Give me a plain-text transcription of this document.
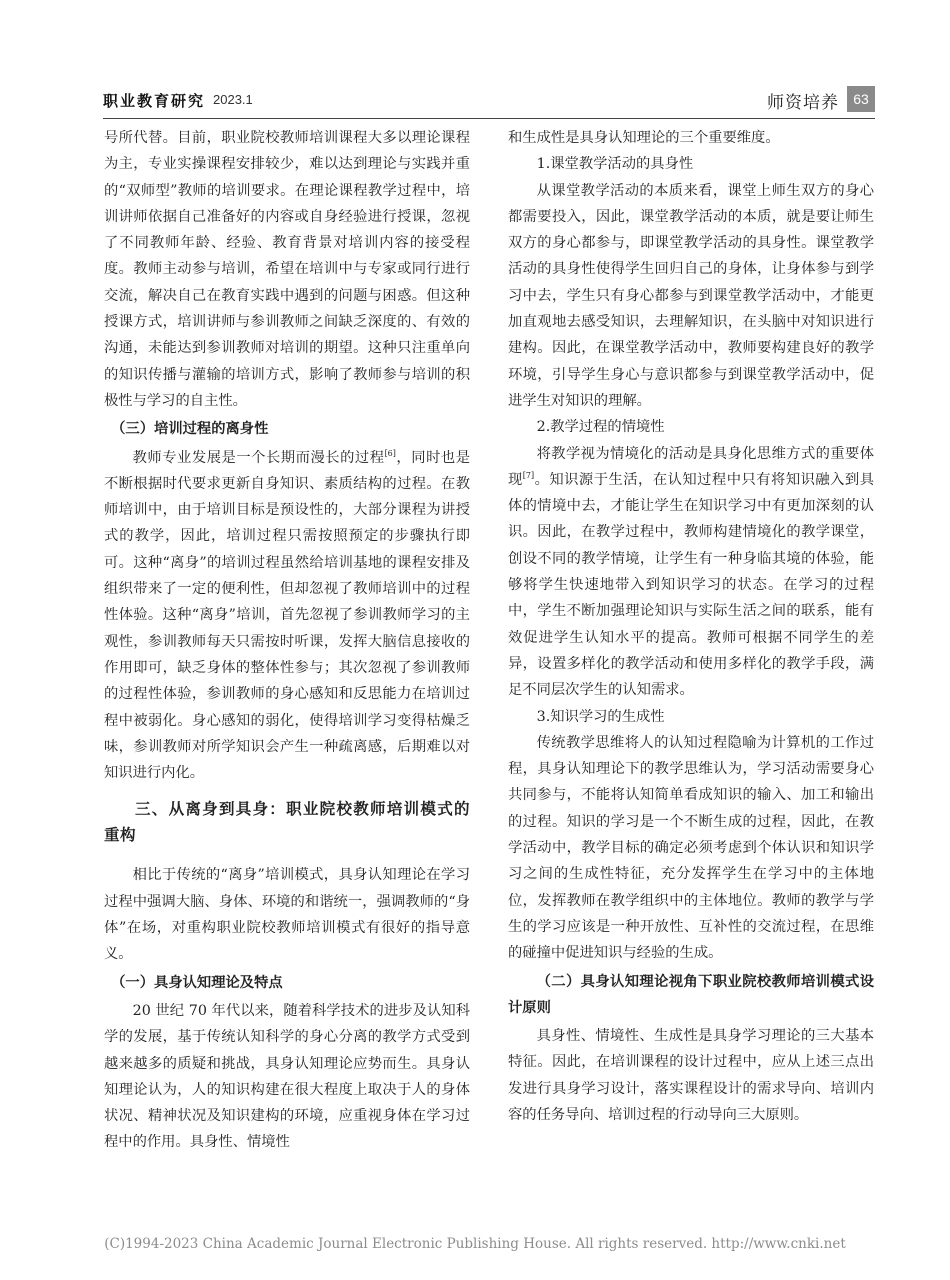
职业教育研究 2023.1	师资培养	63

号所代替。目前，职业院校教师培训课程大多以理论课程为主，专业实操课程安排较少，难以达到理论与实践并重的“双师型”教师的培训要求。在理论课程教学过程中，培训讲师依据自己准备好的内容或自身经验进行授课，忽视了不同教师年龄、经验、教育背景对培训内容的接受程度。教师主动参与培训，希望在培训中与专家或同行进行交流，解决自己在教育实践中遇到的问题与困惑。但这种授课方式，培训讲师与参训教师之间缺乏深度的、有效的沟通，未能达到参训教师对培训的期望。这种只注重单向的知识传播与灌输的培训方式，影响了教师参与培训的积极性与学习的自主性。

（三）培训过程的离身性

教师专业发展是一个长期而漫长的过程[6]，同时也是不断根据时代要求更新自身知识、素质结构的过程。在教师培训中，由于培训目标是预设性的，大部分课程为讲授式的教学，因此，培训过程只需按照预定的步骤执行即可。这种“离身”的培训过程虽然给培训基地的课程安排及组织带来了一定的便利性，但却忽视了教师培训中的过程性体验。这种“离身”培训，首先忽视了参训教师学习的主观性，参训教师每天只需按时听课，发挥大脑信息接收的作用即可，缺乏身体的整体性参与；其次忽视了参训教师的过程性体验，参训教师的身心感知和反思能力在培训过程中被弱化。身心感知的弱化，使得培训学习变得枯燥乏味，参训教师对所学知识会产生一种疏离感，后期难以对知识进行内化。

三、从离身到具身：职业院校教师培训模式的重构

相比于传统的“离身”培训模式，具身认知理论在学习过程中强调大脑、身体、环境的和谐统一，强调教师的“身体”在场，对重构职业院校教师培训模式有很好的指导意义。

（一）具身认知理论及特点

20 世纪 70 年代以来，随着科学技术的进步及认知科学的发展，基于传统认知科学的身心分离的教学方式受到越来越多的质疑和挑战，具身认知理论应势而生。具身认知理论认为，人的知识构建在很大程度上取决于人的身体状况、精神状况及知识建构的环境，应重视身体在学习过程中的作用。具身性、情境性

和生成性是具身认知理论的三个重要维度。

1.课堂教学活动的具身性

从课堂教学活动的本质来看，课堂上师生双方的身心都需要投入，因此，课堂教学活动的本质，就是要让师生双方的身心都参与，即课堂教学活动的具身性。课堂教学活动的具身性使得学生回归自己的身体，让身体参与到学习中去，学生只有身心都参与到课堂教学活动中，才能更加直观地去感受知识，去理解知识，在头脑中对知识进行建构。因此，在课堂教学活动中，教师要构建良好的教学环境，引导学生身心与意识都参与到课堂教学活动中，促进学生对知识的理解。

2.教学过程的情境性

将教学视为情境化的活动是具身化思维方式的重要体现[7]。知识源于生活，在认知过程中只有将知识融入到具体的情境中去，才能让学生在知识学习中有更加深刻的认识。因此，在教学过程中，教师构建情境化的教学课堂，创设不同的教学情境，让学生有一种身临其境的体验，能够将学生快速地带入到知识学习的状态。在学习的过程中，学生不断加强理论知识与实际生活之间的联系，能有效促进学生认知水平的提高。教师可根据不同学生的差异，设置多样化的教学活动和使用多样化的教学手段，满足不同层次学生的认知需求。

3.知识学习的生成性

传统教学思维将人的认知过程隐喻为计算机的工作过程，具身认知理论下的教学思维认为，学习活动需要身心共同参与，不能将认知简单看成知识的输入、加工和输出的过程。知识的学习是一个不断生成的过程，因此，在教学活动中，教学目标的确定必须考虑到个体认识和知识学习之间的生成性特征，充分发挥学生在学习中的主体地位，发挥教师在教学组织中的主体地位。教师的教学与学生的学习应该是一种开放性、互补性的交流过程，在思维的碰撞中促进知识与经验的生成。

（二）具身认知理论视角下职业院校教师培训模式设计原则

具身性、情境性、生成性是具身学习理论的三大基本特征。因此，在培训课程的设计过程中，应从上述三点出发进行具身学习设计，落实课程设计的需求导向、培训内容的任务导向、培训过程的行动导向三大原则。

(C)1994-2023 China Academic Journal Electronic Publishing House. All rights reserved. http://www.cnki.net
